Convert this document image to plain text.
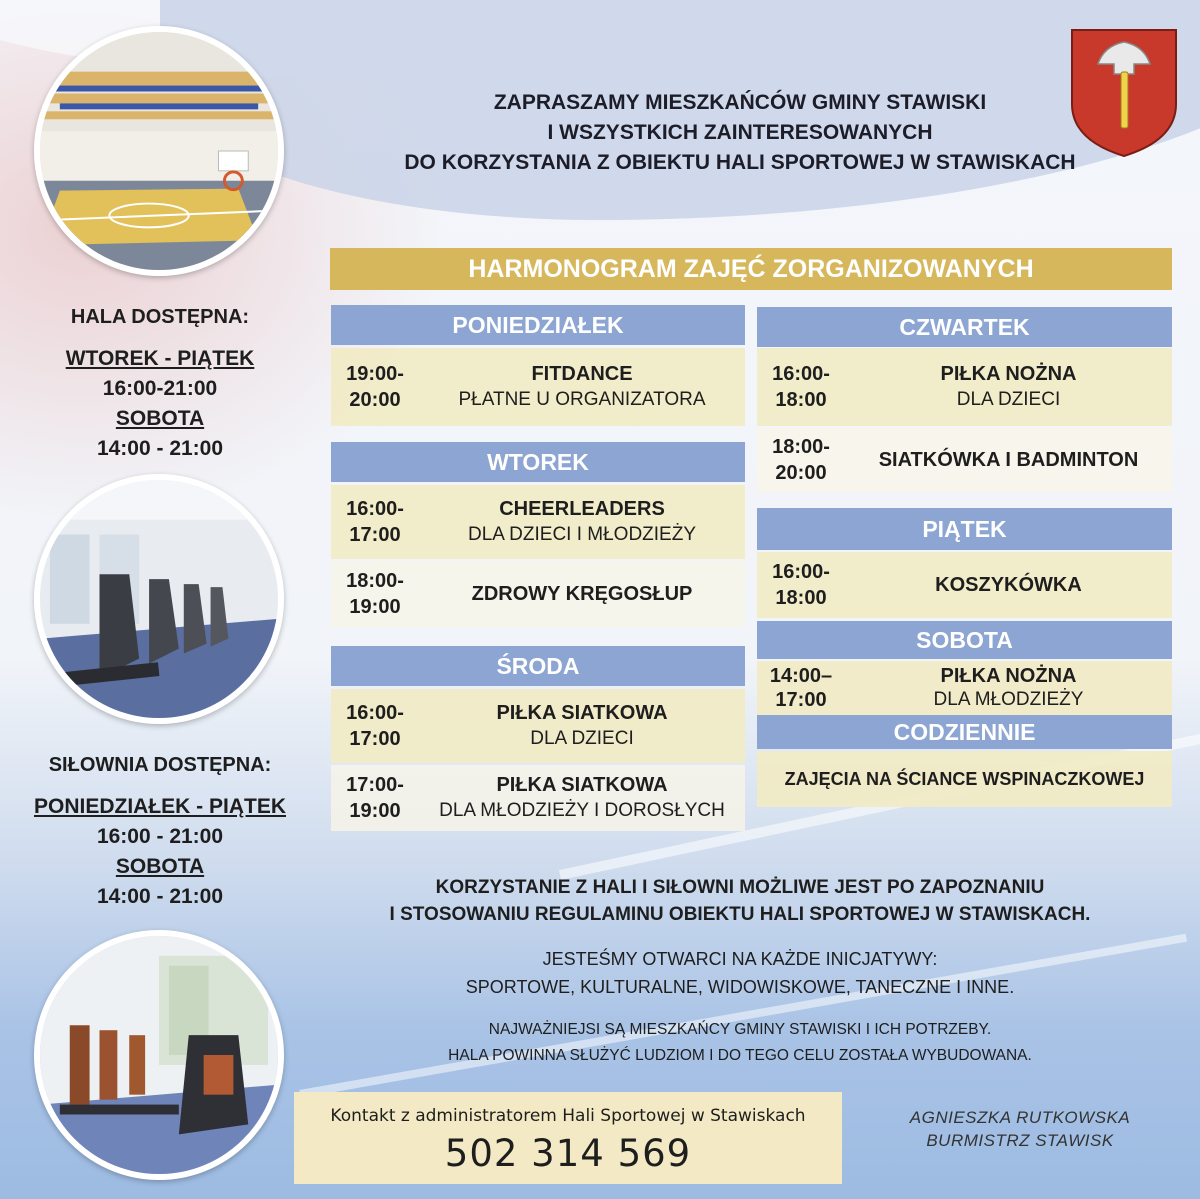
ZAPRASZAMY MIESZKAŃCÓW GMINY STAWISKI
I WSZYSTKICH ZAINTERESOWANYCH
DO KORZYSTANIA Z OBIEKTU HALI SPORTOWEJ W STAWISKACH
HALA DOSTĘPNA:
WTOREK - PIĄTEK
16:00-21:00
SOBOTA
14:00 - 21:00
SIŁOWNIA DOSTĘPNA:
PONIEDZIAŁEK - PIĄTEK
16:00 - 21:00
SOBOTA
14:00 - 21:00
HARMONOGRAM ZAJĘĆ ZORGANIZOWANYCH
PONIEDZIAŁEK
19:00-
20:00
FITDANCE
PŁATNE U ORGANIZATORA
WTOREK
16:00-
17:00
CHEERLEADERS
DLA DZIECI I MŁODZIEŻY
18:00-
19:00
ZDROWY KRĘGOSŁUP
ŚRODA
16:00-
17:00
PIŁKA SIATKOWA
DLA DZIECI
17:00-
19:00
PIŁKA SIATKOWA
DLA MŁODZIEŻY I DOROSŁYCH
CZWARTEK
16:00-
18:00
PIŁKA NOŻNA
DLA DZIECI
18:00-
20:00
SIATKÓWKA I BADMINTON
PIĄTEK
16:00-
18:00
KOSZYKÓWKA
SOBOTA
14:00–
17:00
PIŁKA NOŻNA
DLA MŁODZIEŻY
CODZIENNIE
ZAJĘCIA NA ŚCIANCE WSPINACZKOWEJ
KORZYSTANIE Z HALI I SIŁOWNI MOŻLIWE JEST PO ZAPOZNANIU
I STOSOWANIU REGULAMINU OBIEKTU HALI SPORTOWEJ W STAWISKACH.
JESTEŚMY OTWARCI NA KAŻDE INICJATYWY:
SPORTOWE, KULTURALNE, WIDOWISKOWE, TANECZNE I INNE.
NAJWAŻNIEJSI SĄ MIESZKAŃCY GMINY STAWISKI I ICH POTRZEBY.
HALA POWINNA SŁUŻYĆ LUDZIOM I DO TEGO CELU ZOSTAŁA WYBUDOWANA.
Kontakt z administratorem Hali Sportowej w Stawiskach
502 314 569
AGNIESZKA RUTKOWSKA
BURMISTRZ STAWISK
